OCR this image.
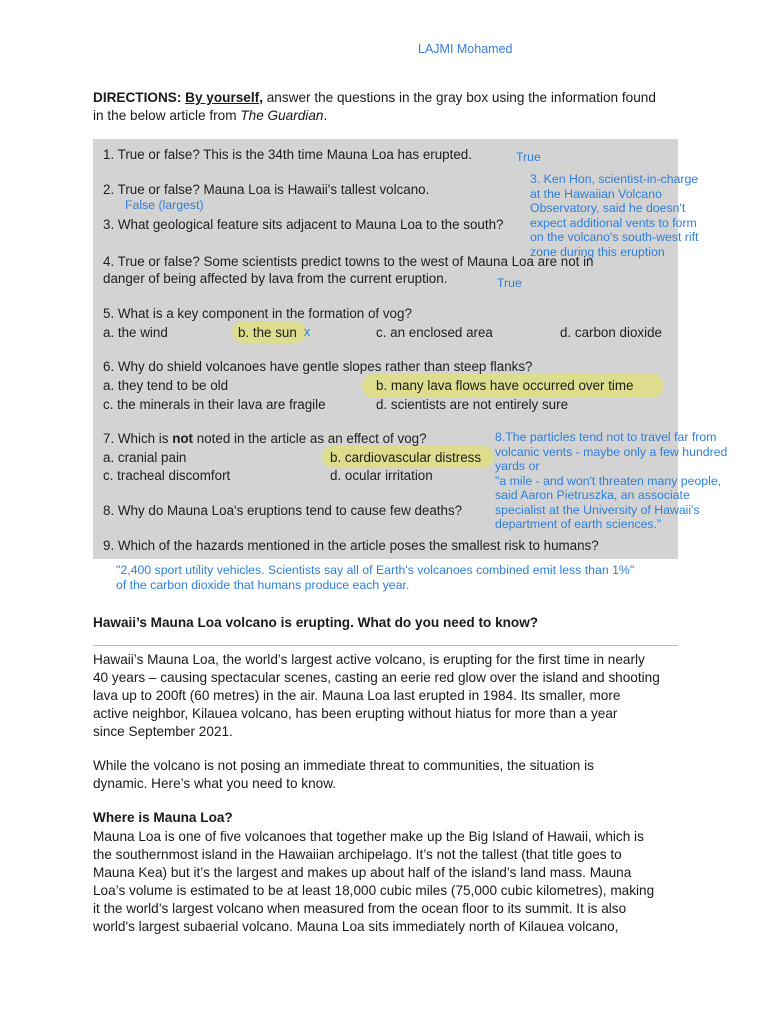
LAJMI Mohamed
DIRECTIONS: By yourself, answer the questions in the gray box using the information found
in the below article from The Guardian.
1. True or false? This is the 34th time Mauna Loa has erupted.	True
2. True or false? Mauna Loa is Hawaii's tallest volcano.
False (largest)
3. What geological feature sits adjacent to Mauna Loa to the south?
3. Ken Hon, scientist-in-charge
at the Hawaiian Volcano
Observatory, said he doesn't
expect additional vents to form
on the volcano's south-west rift
zone during this eruption
4. True or false? Some scientists predict towns to the west of Mauna Loa are not in
danger of being affected by lava from the current eruption.	True
5. What is a key component in the formation of vog?
a. the wind	b. the sun x	c. an enclosed area	d. carbon dioxide
6. Why do shield volcanoes have gentle slopes rather than steep flanks?
a. they tend to be old	b. many lava flows have occurred over time
c. the minerals in their lava are fragile	d. scientists are not entirely sure
7. Which is not noted in the article as an effect of vog?
a. cranial pain	b. cardiovascular distress
c. tracheal discomfort	d. ocular irritation
8. Why do Mauna Loa's eruptions tend to cause few deaths?
8.The particles tend not to travel far from
volcanic vents - maybe only a few hundred
yards or
"a mile - and won't threaten many people,
said Aaron Pietruszka, an associate
specialist at the University of Hawaii's
department of earth sciences."
9. Which of the hazards mentioned in the article poses the smallest risk to humans?
"2,400 sport utility vehicles. Scientists say all of Earth's volcanoes combined emit less than 1%"
of the carbon dioxide that humans produce each year.
Hawaii’s Mauna Loa volcano is erupting. What do you need to know?
Hawaii’s Mauna Loa, the world’s largest active volcano, is erupting for the first time in nearly
40 years – causing spectacular scenes, casting an eerie red glow over the island and shooting
lava up to 200ft (60 metres) in the air. Mauna Loa last erupted in 1984. Its smaller, more
active neighbor, Kilauea volcano, has been erupting without hiatus for more than a year
since September 2021.
While the volcano is not posing an immediate threat to communities, the situation is
dynamic. Here’s what you need to know.
Where is Mauna Loa?
Mauna Loa is one of five volcanoes that together make up the Big Island of Hawaii, which is
the southernmost island in the Hawaiian archipelago. It’s not the tallest (that title goes to
Mauna Kea) but it’s the largest and makes up about half of the island’s land mass. Mauna
Loa’s volume is estimated to be at least 18,000 cubic miles (75,000 cubic kilometres), making
it the world’s largest volcano when measured from the ocean floor to its summit. It is also
world's largest subaerial volcano. Mauna Loa sits immediately north of Kilauea volcano,
